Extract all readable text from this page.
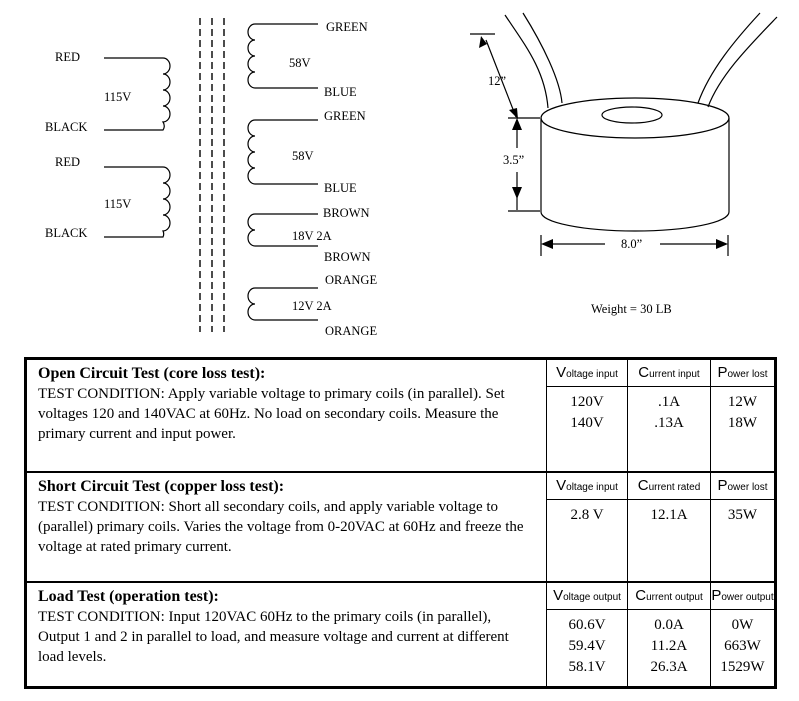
RED
115V
BLACK
RED
115V
BLACK
GREEN
58V
BLUE
GREEN
58V
BLUE
BROWN
18V 2A
BROWN
ORANGE
12V 2A
ORANGE
12”
3.5”
8.0”
Weight = 30 LB
Open Circuit Test (core loss test):
TEST CONDITION: Apply variable voltage to primary coils (in parallel). Set voltages 120 and 140VAC at 60Hz. No load on secondary coils. Measure the primary current and input power.
Voltage input
120V
140V
Current input
.1A
.13A
Power lost
12W
18W
Short Circuit Test (copper loss test):
TEST CONDITION: Short all secondary coils, and apply variable voltage to (parallel) primary coils. Varies the voltage from 0-20VAC at 60Hz and freeze the voltage at rated primary current.
Voltage input
2.8 V
Current rated
12.1A
Power lost
35W
Load Test (operation test):
TEST CONDITION: Input 120VAC 60Hz to the primary coils (in parallel), Output 1 and 2 in parallel to load, and measure voltage and current at different load levels.
Voltage output
60.6V
59.4V
58.1V
Current output
0.0A
11.2A
26.3A
Power output
0W
663W
1529W
